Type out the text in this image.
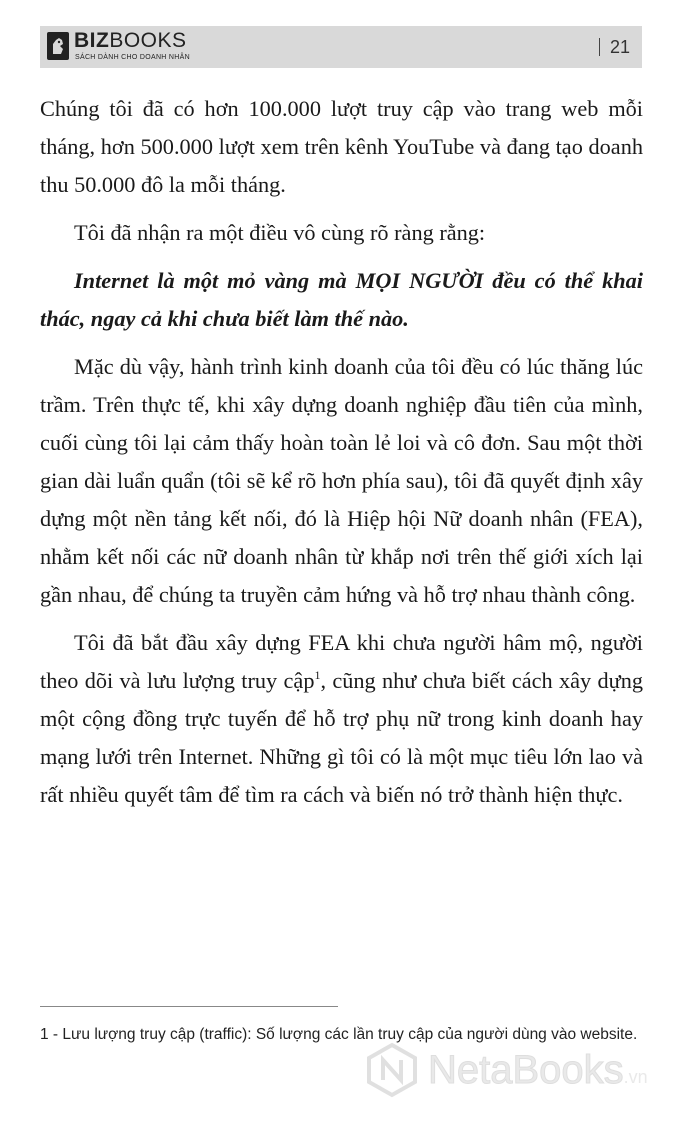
BIZBOOKS
SÁCH DÀNH CHO DOANH NHÂN
21

Chúng tôi đã có hơn 100.000 lượt truy cập vào trang web mỗi tháng, hơn 500.000 lượt xem trên kênh YouTube và đang tạo doanh thu 50.000 đô la mỗi tháng.

Tôi đã nhận ra một điều vô cùng rõ ràng rằng:

Internet là một mỏ vàng mà MỌI NGƯỜI đều có thể khai thác, ngay cả khi chưa biết làm thế nào.

Mặc dù vậy, hành trình kinh doanh của tôi đều có lúc thăng lúc trầm. Trên thực tế, khi xây dựng doanh nghiệp đầu tiên của mình, cuối cùng tôi lại cảm thấy hoàn toàn lẻ loi và cô đơn. Sau một thời gian dài luẩn quẩn (tôi sẽ kể rõ hơn phía sau), tôi đã quyết định xây dựng một nền tảng kết nối, đó là Hiệp hội Nữ doanh nhân (FEA), nhằm kết nối các nữ doanh nhân từ khắp nơi trên thế giới xích lại gần nhau, để chúng ta truyền cảm hứng và hỗ trợ nhau thành công.

Tôi đã bắt đầu xây dựng FEA khi chưa người hâm mộ, người theo dõi và lưu lượng truy cập$^1$, cũng như chưa biết cách xây dựng một cộng đồng trực tuyến để hỗ trợ phụ nữ trong kinh doanh hay mạng lưới trên Internet. Những gì tôi có là một mục tiêu lớn lao và rất nhiều quyết tâm để tìm ra cách và biến nó trở thành hiện thực.

1 - Lưu lượng truy cập (traffic): Số lượng các lần truy cập của người dùng vào website.
NetaBooks.vn
